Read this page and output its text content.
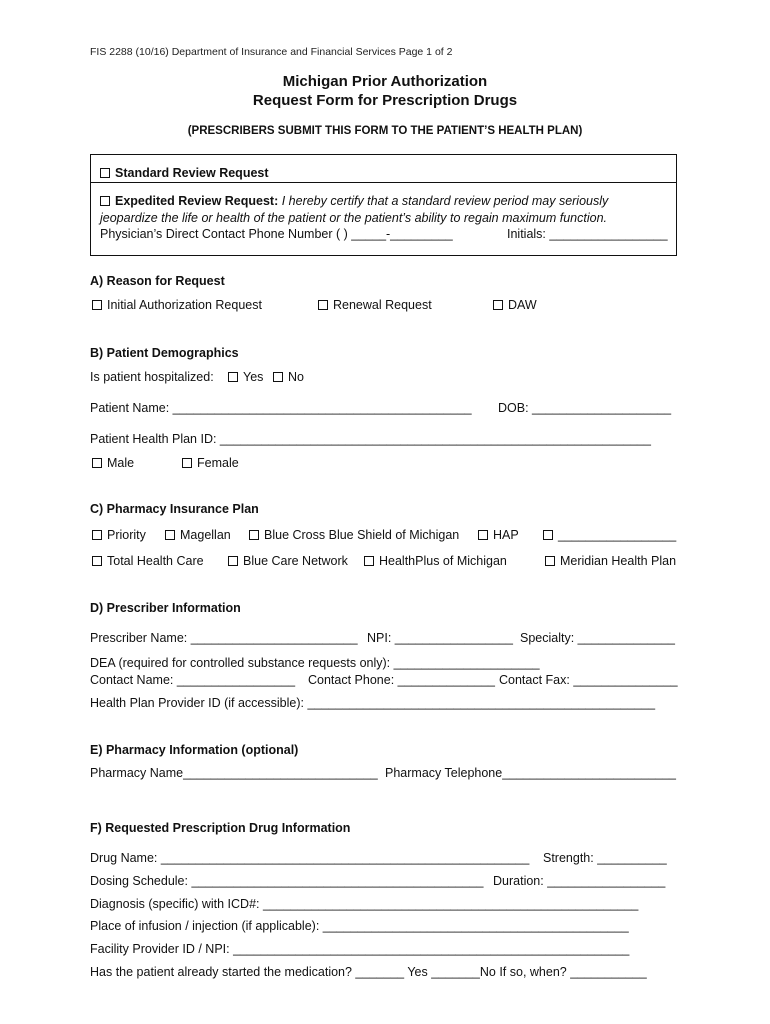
FIS 2288 (10/16) Department of Insurance and Financial Services Page 1 of 2
Michigan Prior Authorization
Request Form for Prescription Drugs
(PRESCRIBERS SUBMIT THIS FORM TO THE PATIENT’S HEALTH PLAN)
Standard Review Request
Expedited Review Request: I hereby certify that a standard review period may seriously
jeopardize the life or health of the patient or the patient’s ability to regain maximum function.
Physician’s Direct Contact Phone Number ( ) _____-_________	Initials: _________________
A) Reason for Request
Initial Authorization Request	Renewal Request	DAW
B) Patient Demographics
Is patient hospitalized:	Yes	No
Patient Name: ___________________________________________ DOB: ____________________
Patient Health Plan ID: ______________________________________________________________
Male	Female
C) Pharmacy Insurance Plan
Priority	Magellan	Blue Cross Blue Shield of Michigan	HAP	_________________
Total Health Care	Blue Care Network	HealthPlus of Michigan	Meridian Health Plan
D) Prescriber Information
Prescriber Name: ________________________ NPI: _________________ Specialty: ______________
DEA (required for controlled substance requests only): _____________________
Contact Name: _________________ Contact Phone: ______________ Contact Fax: _______________
Health Plan Provider ID (if accessible): __________________________________________________
E) Pharmacy Information (optional)
Pharmacy Name____________________________ Pharmacy Telephone_________________________
F) Requested Prescription Drug Information
Drug Name: _____________________________________________________ Strength: __________
Dosing Schedule: __________________________________________ Duration: _________________
Diagnosis (specific) with ICD#: ______________________________________________________
Place of infusion / injection (if applicable): ____________________________________________
Facility Provider ID / NPI: _________________________________________________________
Has the patient already started the medication? _______ Yes _______No If so, when? ___________
